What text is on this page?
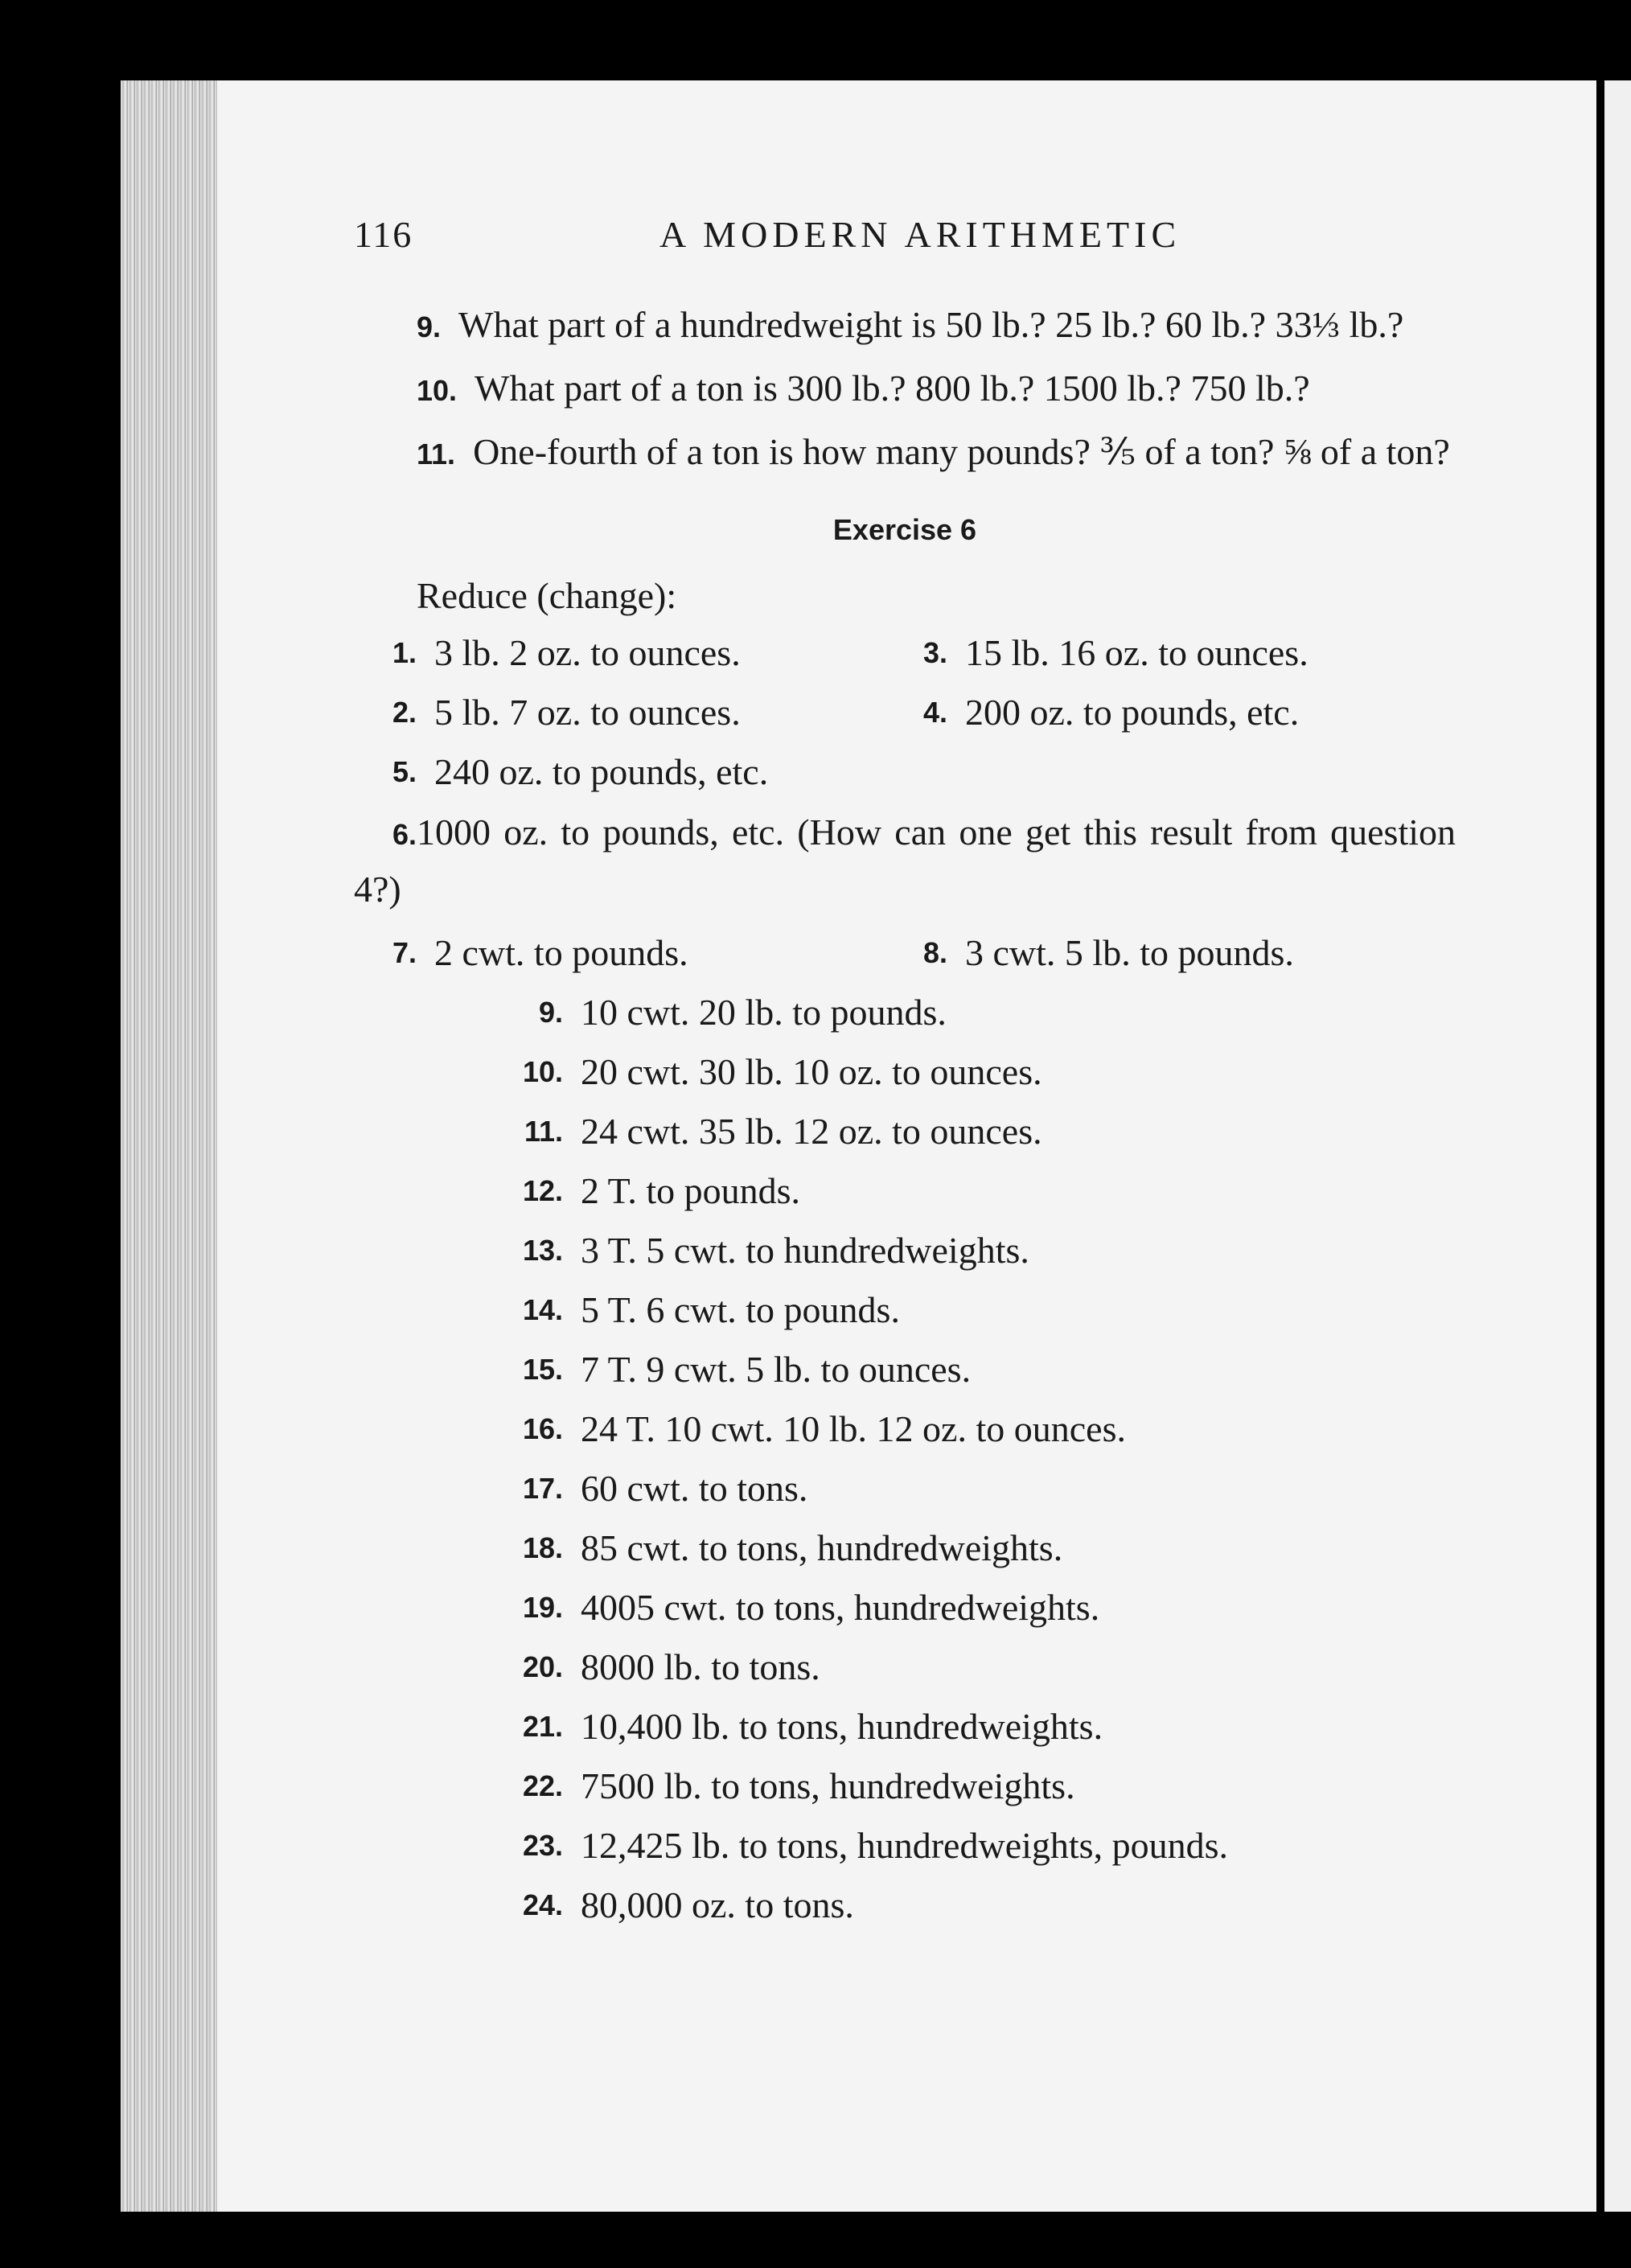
116	A MODERN ARITHMETIC

9. What part of a hundredweight is 50 lb.? 25 lb.? 60 lb.? 33⅓ lb.?

10. What part of a ton is 300 lb.? 800 lb.? 1500 lb.? 750 lb.?

11. One-fourth of a ton is how many pounds? ⅗ of a ton? ⅝ of a ton?

Exercise 6
Reduce (change):
1. 3 lb. 2 oz. to ounces.	3. 15 lb. 16 oz. to ounces.
2. 5 lb. 7 oz. to ounces.	4. 200 oz. to pounds, etc.
5. 240 oz. to pounds, etc.

6.1000 oz. to pounds, etc. (How can one get this result from question 4?)

7. 2 cwt. to pounds.	8. 3 cwt. 5 lb. to pounds.
9. 10 cwt. 20 lb. to pounds.
10. 20 cwt. 30 lb. 10 oz. to ounces.
11. 24 cwt. 35 lb. 12 oz. to ounces.
12. 2 T. to pounds.
13. 3 T. 5 cwt. to hundredweights.
14. 5 T. 6 cwt. to pounds.
15. 7 T. 9 cwt. 5 lb. to ounces.
16. 24 T. 10 cwt. 10 lb. 12 oz. to ounces.
17. 60 cwt. to tons.
18. 85 cwt. to tons, hundredweights.
19. 4005 cwt. to tons, hundredweights.
20. 8000 lb. to tons.
21. 10,400 lb. to tons, hundredweights.
22. 7500 lb. to tons, hundredweights.
23. 12,425 lb. to tons, hundredweights, pounds.
24. 80,000 oz. to tons.
